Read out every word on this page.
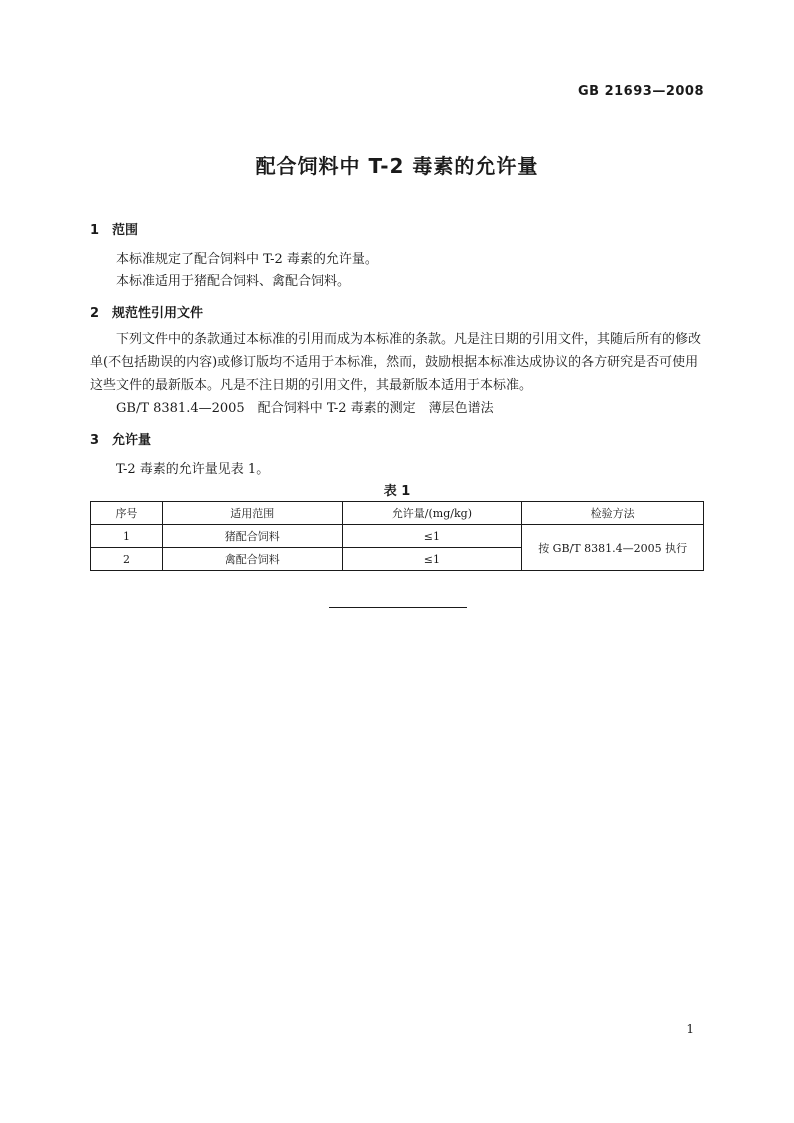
GB 21693—2008
配合饲料中 T-2 毒素的允许量
1 范围
本标准规定了配合饲料中 T-2 毒素的允许量。
本标准适用于猪配合饲料、禽配合饲料。
2 规范性引用文件
下列文件中的条款通过本标准的引用而成为本标准的条款。凡是注日期的引用文件，其随后所有的修改单(不包括勘误的内容)或修订版均不适用于本标准，然而，鼓励根据本标准达成协议的各方研究是否可使用这些文件的最新版本。凡是不注日期的引用文件，其最新版本适用于本标准。
GB/T 8381.4—2005　配合饲料中 T-2 毒素的测定　薄层色谱法
3 允许量
T-2 毒素的允许量见表 1。
表 1
序号	适用范围	允许量/(mg/kg)	检验方法
1	猪配合饲料	≤1	按 GB/T 8381.4—2005 执行
2	禽配合饲料	≤1	
1
